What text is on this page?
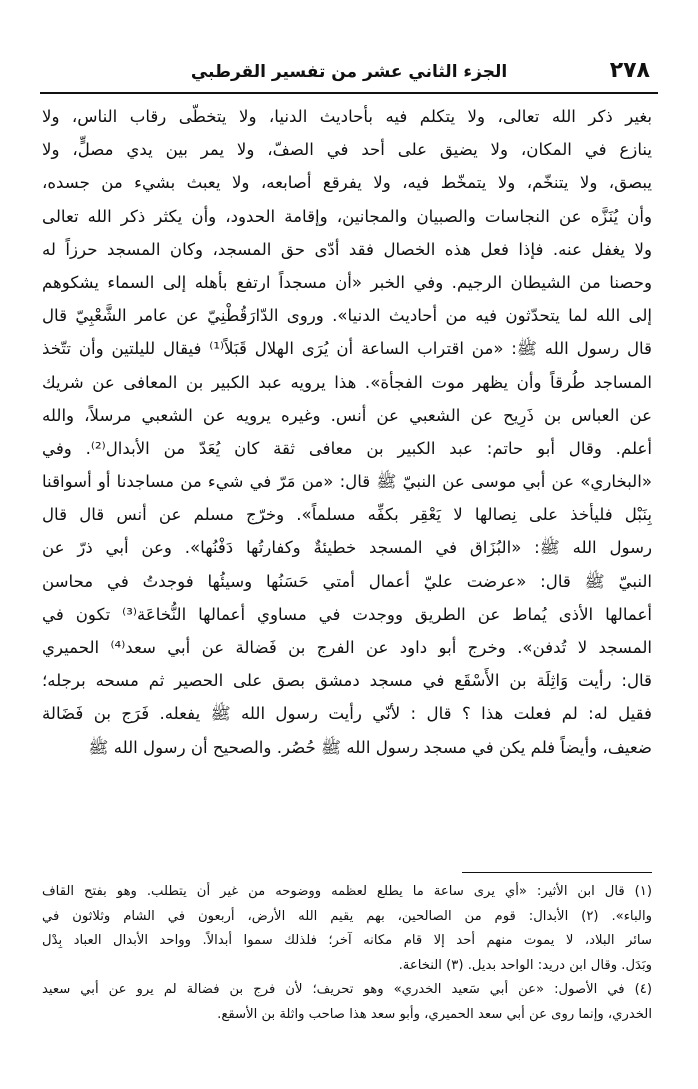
٢٧٨
الجزء الثاني عشر من تفسير القرطبي
بغير ذكر الله تعالى، ولا يتكلم فيه بأحاديث الدنيا، ولا يتخطّى رقاب الناس، ولا
ينازع في المكان، ولا يضيق على أحد في الصفّ، ولا يمر بين يدي مصلٍّ، ولا
يبصق، ولا يتنخّم، ولا يتمخّط فيه، ولا يفرقع أصابعه، ولا يعبث بشيء من جسده،
وأن يُنَزَّه عن النجاسات والصبيان والمجانين، وإقامة الحدود، وأن يكثر ذكر الله تعالى
ولا يغفل عنه. فإذا فعل هذه الخصال فقد أدّى حق المسجد، وكان المسجد حرزاً له
وحصنا من الشيطان الرجيم. وفي الخبر «أن مسجداً ارتفع بأهله إلى السماء يشكوهم
إلى الله لما يتحدّثون فيه من أحاديث الدنيا». وروى الدّارَقُطْنِيّ عن عامر الشَّعْبِيّ قال
قال رسول الله ﷺ: «من اقتراب الساعة أن يُرَى الهلال قَبَلاً⁽¹⁾ فيقال لليلتين وأن تتّخذ
المساجد طُرقاً وأن يظهر موت الفجأة». هذا يرويه عبد الكبير بن المعافى عن شريك
عن العباس بن ذَرِيح عن الشعبي عن أنس. وغيره يرويه عن الشعبي مرسلاً، والله
أعلم. وقال أبو حاتم: عبد الكبير بن معافى ثقة كان يُعَدّ من الأبدال⁽²⁾. وفي
«البخاري» عن أبي موسى عن النبيّ ﷺ قال: «من مَرّ في شيء من مساجدنا أو أسواقنا
بِنَبْل فليأخذ على نِصالها لا يَعْقِر بكفِّه مسلماً». وخرّج مسلم عن أنس قال قال
رسول الله ﷺ: «البُزَاق في المسجد خطيئةٌ وكفارتُها دَفْنُها». وعن أبي ذرّ عن
النبيّ ﷺ قال: «عرضت عليّ أعمال أمتي حَسَنُها وسيئُها فوجدتُ في محاسن
أعمالها الأذى يُماط عن الطريق ووجدت في مساوي أعمالها النُّخاعَة⁽³⁾ تكون في
المسجد لا تُدفن». وخرج أبو داود عن الفرج بن فَضالة عن أبي سعد⁽⁴⁾ الحميري
قال: رأيت وَاثِلَة بن الأَسْقَع في مسجد دمشق بصق على الحصير ثم مسحه برجله؛
فقيل له: لم فعلت هذا ؟ قال : لأنّي رأيت رسول الله ﷺ يفعله. فَرَج بن فَضَالة
ضعيف، وأيضاً فلم يكن في مسجد رسول الله ﷺ حُصُر. والصحيح أن رسول الله ﷺ
(١) قال ابن الأثير: «أي يرى ساعة ما يطلع لعظمه ووضوحه من غير أن يتطلب. وهو بفتح القاف
والباء». (٢) الأبدال: قوم من الصالحين، بهم يقيم الله الأرض، أربعون في الشام وثلاثون في
سائر البلاد، لا يموت منهم أحد إلا قام مكانه آخر؛ فلذلك سموا أبدالاً. وواحد الأبدال العباد بِدْل
وبَدَل. وقال ابن دريد: الواحد بديل. (٣) النخاعة.
(٤) في الأصول: «عن أبي سَعيد الخدري» وهو تحريف؛ لأن فرج بن فضالة لم يرو عن أبي سعيد
الخدري، وإنما روى عن أبي سعد الحميري، وأبو سعد هذا صاحب واثلة بن الأسقع.
